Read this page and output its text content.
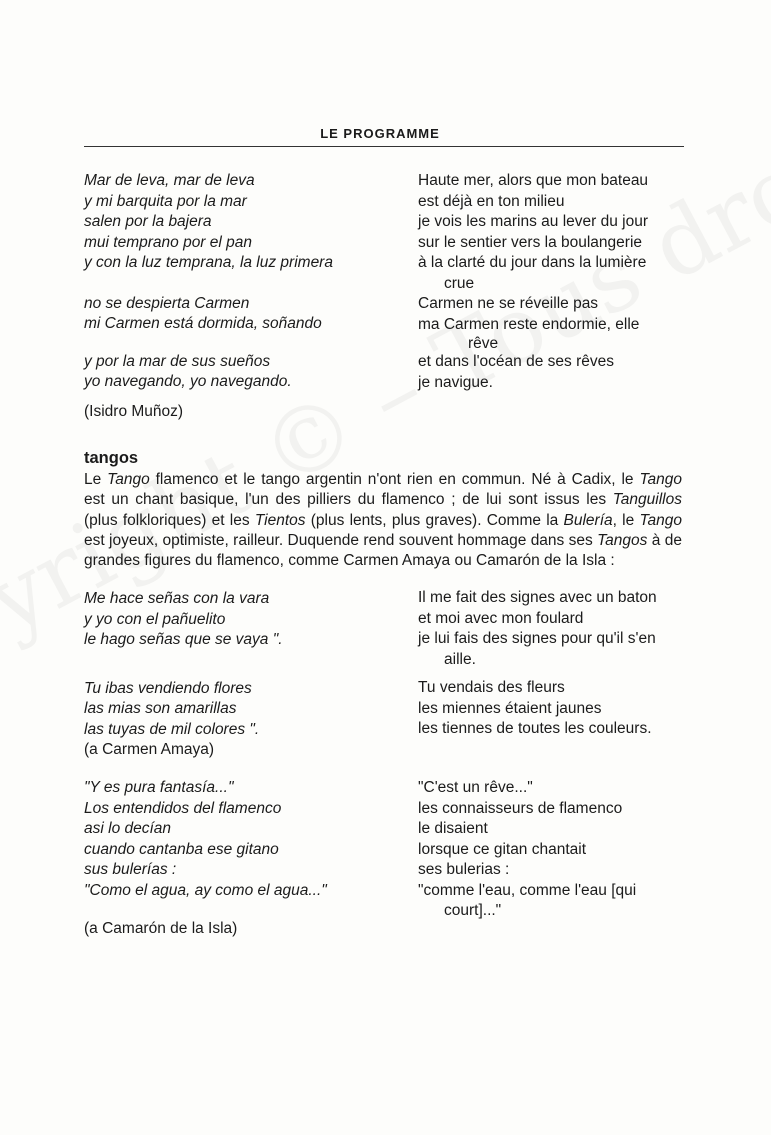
LE PROGRAMME
Mar de leva, mar de leva
y mi barquita por la mar
salen por la bajera
mui temprano por el pan
y con la luz temprana, la luz primera
no se despierta Carmen
mi Carmen está dormida, soñando
y por la mar de sus sueños
yo navegando, yo navegando.
(Isidro Muñoz)
Haute mer, alors que mon bateau
est déjà en ton milieu
je vois les marins au lever du jour
sur le sentier vers la boulangerie
à la clarté du jour dans la lumière
crue
Carmen ne se réveille pas
ma Carmen reste endormie, elle
rêve
et dans l'océan de ses rêves
je navigue.
tangos
Le Tango flamenco et le tango argentin n'ont rien en commun. Né à Cadix, le Tango est un chant basique, l'un des pilliers du flamenco ; de lui sont issus les Tanguillos (plus folkloriques) et les Tientos (plus lents, plus graves). Comme la Bulería, le Tango est joyeux, optimiste, railleur. Duquende rend souvent hommage dans ses Tangos à de grandes figures du flamenco, comme Carmen Amaya ou Camarón de la Isla :
Me hace señas con la vara
y yo con el pañuelito
le hago señas que se vaya ".
Tu ibas vendiendo flores
las mias son amarillas
las tuyas de mil colores ".
(a Carmen Amaya)
Il me fait des signes avec un baton
et moi avec mon foulard
je lui fais des signes pour qu'il s'en
aille.
Tu vendais des fleurs
les miennes étaient jaunes
les tiennes de toutes les couleurs.
"Y es pura fantasía..."
Los entendidos del flamenco
asi lo decían
cuando cantanba ese gitano
sus bulerías :
"Como el agua, ay como el agua..."
(a Camarón de la Isla)
"C'est un rêve..."
les connaisseurs de flamenco
le disaient
lorsque ce gitan chantait
ses bulerias :
"comme l'eau, comme l'eau [qui
court]..."
